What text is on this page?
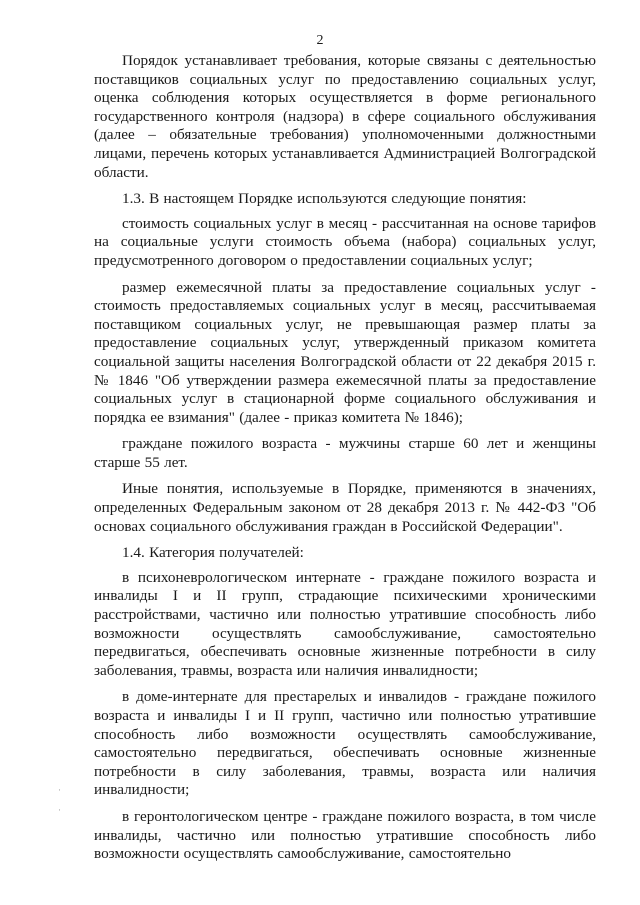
2

Порядок устанавливает требования, которые связаны с деятельностью поставщиков социальных услуг по предоставлению социальных услуг, оценка соблюдения которых осуществляется в форме регионального государственного контроля (надзора) в сфере социального обслуживания (далее – обязательные требования) уполномоченными должностными лицами, перечень которых устанавливается Администрацией Волгоградской области.

1.3. В настоящем Порядке используются следующие понятия:

стоимость социальных услуг в месяц - рассчитанная на основе тарифов на социальные услуги стоимость объема (набора) социальных услуг, предусмотренного договором о предоставлении социальных услуг;

размер ежемесячной платы за предоставление социальных услуг - стоимость предоставляемых социальных услуг в месяц, рассчитываемая поставщиком социальных услуг, не превышающая размер платы за предоставление социальных услуг, утвержденный приказом комитета социальной защиты населения Волгоградской области от 22 декабря 2015 г. № 1846 "Об утверждении размера ежемесячной платы за предоставление социальных услуг в стационарной форме социального обслуживания и порядка ее взимания" (далее - приказ комитета № 1846);

граждане пожилого возраста - мужчины старше 60 лет и женщины старше 55 лет.

Иные понятия, используемые в Порядке, применяются в значениях, определенных Федеральным законом от 28 декабря 2013 г. № 442-ФЗ "Об основах социального обслуживания граждан в Российской Федерации".

1.4. Категория получателей:

в психоневрологическом интернате - граждане пожилого возраста и инвалиды I и II групп, страдающие психическими хроническими расстройствами, частично или полностью утратившие способность либо возможности осуществлять самообслуживание, самостоятельно передвигаться, обеспечивать основные жизненные потребности в силу заболевания, травмы, возраста или наличия инвалидности;

в доме-интернате для престарелых и инвалидов - граждане пожилого возраста и инвалиды I и II групп, частично или полностью утратившие способность либо возможности осуществлять самообслуживание, самостоятельно передвигаться, обеспечивать основные жизненные потребности в силу заболевания, травмы, возраста или наличия инвалидности;

в геронтологическом центре - граждане пожилого возраста, в том числе инвалиды, частично или полностью утратившие способность либо возможности осуществлять самообслуживание, самостоятельно

·
·
